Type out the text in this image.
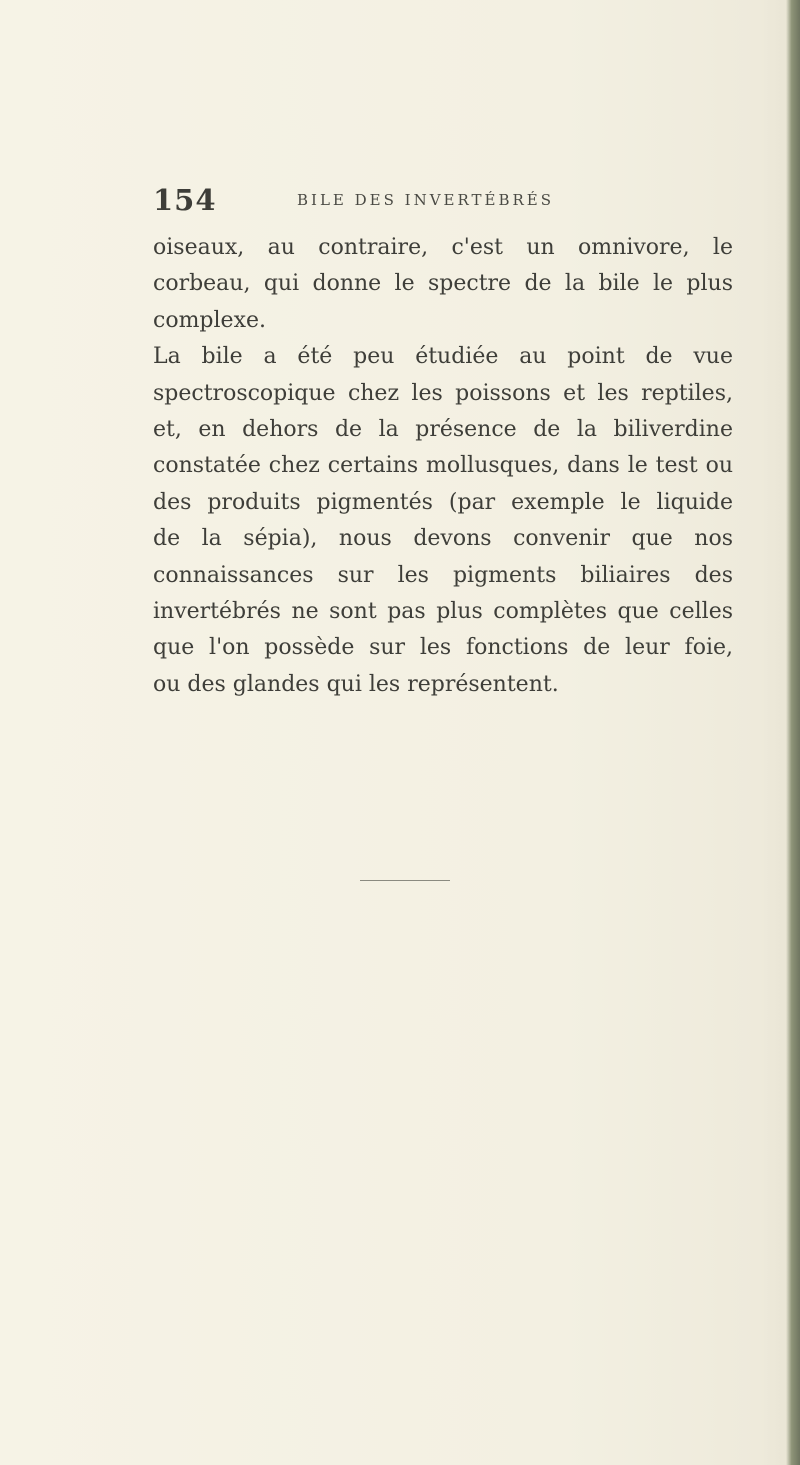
154	BILE DES INVERTÉBRÉS
oiseaux, au contraire, c'est un omnivore, le
corbeau, qui donne le spectre de la bile le plus
complexe.
La bile a été peu étudiée au point de vue
spectroscopique chez les poissons et les reptiles,
et, en dehors de la présence de la biliverdine
constatée chez certains mollusques, dans le test ou
des produits pigmentés (par exemple le liquide
de la sépia), nous devons convenir que nos
connaissances sur les pigments biliaires des
invertébrés ne sont pas plus complètes que celles
que l'on possède sur les fonctions de leur foie,
ou des glandes qui les représentent.
